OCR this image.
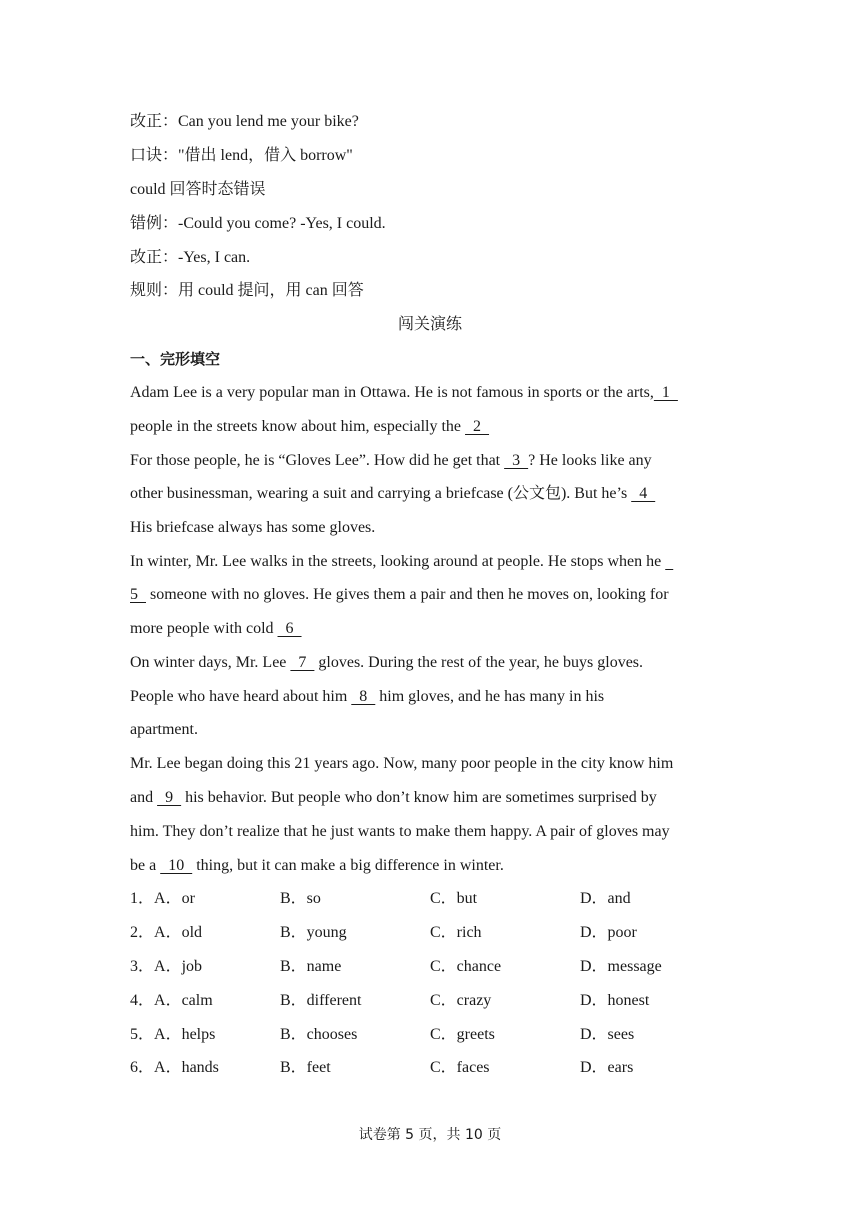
改正：Can you lend me your bike?
口诀："借出 lend，借入 borrow"
could 回答时态错误
错例：-Could you come? -Yes, I could.
改正：-Yes, I can.
规则：用 could 提问，用 can 回答
闯关演练
一、完形填空
Adam Lee is a very popular man in Ottawa. He is not famous in sports or the arts,  1
people in the streets know about him, especially the   2
For those people, he is “Gloves Lee”. How did he get that   3  ? He looks like any
other businessman, wearing a suit and carrying a briefcase (公文包). But he’s   4
His briefcase always has some gloves.
In winter, Mr. Lee walks in the streets, looking around at people. He stops when he
5   someone with no gloves. He gives them a pair and then he moves on, looking for
more people with cold   6
On winter days, Mr. Lee   7   gloves. During the rest of the year, he buys gloves.
People who have heard about him   8   him gloves, and he has many in his
apartment.
Mr. Lee began doing this 21 years ago. Now, many poor people in the city know him
and   9   his behavior. But people who don’t know him are sometimes surprised by
him. They don’t realize that he just wants to make them happy. A pair of gloves may
be a   10   thing, but it can make a big difference in winter.
1．A．or	B．so	C．but	D．and
2．A．old	B．young	C．rich	D．poor
3．A．job	B．name	C．chance	D．message
4．A．calm	B．different	C．crazy	D．honest
5．A．helps	B．chooses	C．greets	D．sees
6．A．hands	B．feet	C．faces	D．ears
试卷第 5 页，共 10 页
